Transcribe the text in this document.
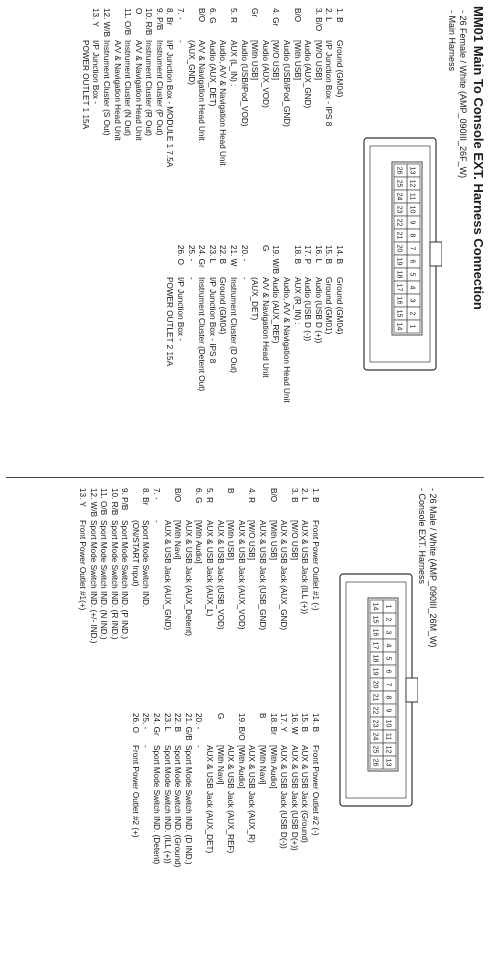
MM01 Main To Console EXT. Harness Connection
- 26 Female / White (AMP_090III_26F_W)
- Main Harness
13
12
11
10
9
8
7
6
5
4
3
2
1
26
25
24
23
22
21
20
19
18
17
16
15
14
1. B
Ground (GM04)
2. L
I/P Junction Box - IPS 8
3. B/O
[W/O USB]
Audio (AUX_GND)
B/O
[With USB]
Audio (USB/iPod_GND)
4. Gr
[W/O USB]
Audio (AUX_VOD)
Gr
[With USB]
Audio (USB/iPod_VOD)
5. R
AUX (L_IN) :
Audio, A/V & Navigation Head Unit
6. G
Audio (AUX_DET)
B/O
A/V & Navigation Head Unit
(AUX_GND)
7. -
-
8. Br
I/P Junction Box - MODULE 1 7.5A
9. P/B
Instrument Cluster (P Out)
10. R/B
Instrument Cluster (R Out)
O
A/V & Navigation Head Unit
11. O/B
Instrument Cluster (N Out)
A/V & Navigation Head Unit
12. W/B
Instrument Cluster (S Out)
13. Y
I/P Junction Box -
POWER OUTLET 1 15A
14. B
Ground (GM04)
15. B
Ground (GM01)
16. L
Audio (USB D (+))
17. P
Audio (USB D (-))
18. B
AUX (R_IN) :
Audio, A/V & Navigation Head Unit
19. W/B
Audio (AUX_REF)
G
A/V & Navigation Head Unit
(AUX_DET)
20. -
-
21. W
Instrument Cluster (D Out)
22. B
Ground (GM04)
23. L
I/P Junction Box - IPS 8
24. Gr
Instrument Cluster (Detent Out)
25. -
-
26. O
I/P Junction Box -
POWER OUTLET 2 15A
- 26 Male / White (AMP_090III_26M_W)
- Console EXT. Harness
1
2
3
4
5
6
7
8
9
10
11
12
13
14
15
16
17
18
19
20
21
22
23
24
25
26
1. B
Front Power Outlet #1 (-)
2. L
AUX & USB Jack (ILL (+))
3. B
[W/O USB]
AUX & USB Jack (AUX_GND)
B/O
[With USB]
AUX & USB Jack (USB_GND)
4. R
[W/O USB]
AUX & USB Jack (AUX_VOD)
B
[With USB]
AUX & USB Jack (USB_VOD)
5. R
AUX & USB Jack (AUX_L)
6. G
[With Audio]
AUX & USB Jack (AUX_Detent)
B/O
[With Navi]
AUX & USB Jack (AUX_GND)
7. -
-
8. Br
Sport Mode Switch IND.
(ON/START Input)
9. P/B
Sport Mode Switch IND. (P IND.)
10. R/B
Sport Mode Switch IND. (R IND.)
11. O/B
Sport Mode Switch IND. (N IND.)
12. W/B
Sport Mode Switch IND. (+/- IND.)
13. Y
Front Power Outlet #1(+)
14. B
Front Power Outlet #2 (-)
15. B
AUX & USB Jack (Ground)
16. W
AUX & USB Jack (USB D(+))
17. Y
AUX & USB Jack (USB D(-))
18. Br
[With Audio]
B
[With Navi]
AUX & USB Jack (AUX_R)
19. B/O
[With Audio]
AUX & USB Jack (AUX_REF)
G
[With Navi]
AUX & USB Jack (AUX_DET)
20. -
-
21. G/B
Sport Mode Switch IND. (D IND.)
22. B
Sport Mode Switch IND. (Ground)
23. L
Sport Mode Switch IND. (ILL (+))
24. Gr
Sport Mode Switch IND. (Detent)
25. -
-
26. O
Front Power Outlet #2 (+)
